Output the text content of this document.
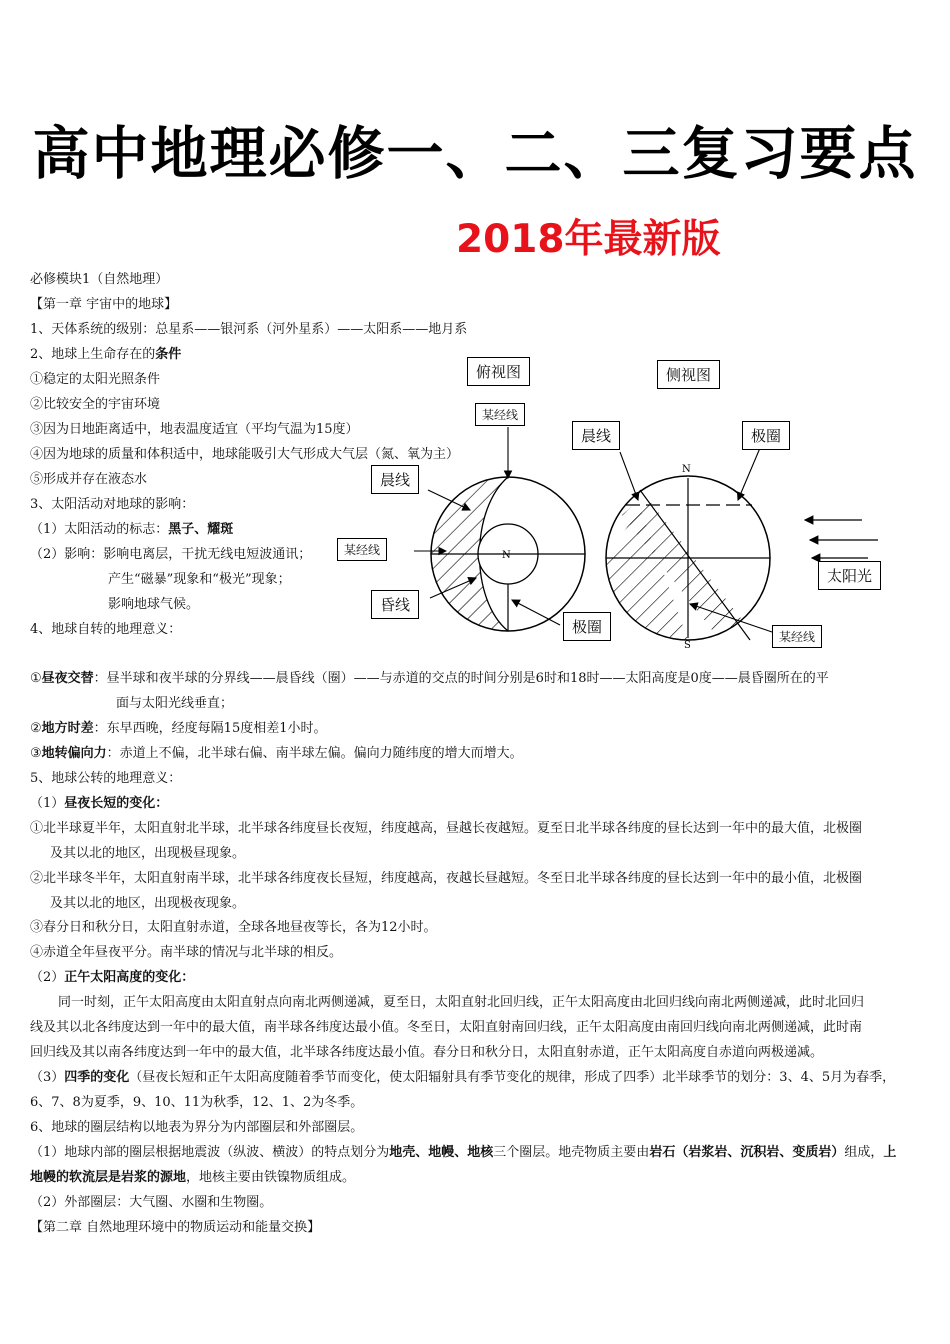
高中地理必修一、二、三复习要点
2018年最新版
必修模块1（自然地理）
【第一章 宇宙中的地球】
1、天体系统的级别：总星系——银河系（河外星系）——太阳系——地月系
2、地球上生命存在的条件
①稳定的太阳光照条件
②比较安全的宇宙环境
③因为日地距离适中，地表温度适宜（平均气温为15度）
④因为地球的质量和体积适中，地球能吸引大气形成大气层（氮、氧为主）
⑤形成并存在液态水
3、太阳活动对地球的影响：
（1）太阳活动的标志：黑子、耀斑
（2）影响：影响电离层，干扰无线电短波通讯；
产生“磁暴”现象和“极光”现象；
影响地球气候。
4、地球自转的地理意义：
N
N
S
俯视图	侧视图
某经线
晨线	极圈
晨线
某经线
昏线
极圈
太阳光
某经线
①昼夜交替：昼半球和夜半球的分界线——晨昏线（圈）——与赤道的交点的时间分别是6时和18时——太阳高度是0度——晨昏圈所在的平
面与太阳光线垂直；
②地方时差：东早西晚，经度每隔15度相差1小时。
③地转偏向力：赤道上不偏，北半球右偏、南半球左偏。偏向力随纬度的增大而增大。
5、地球公转的地理意义：
（1）昼夜长短的变化：
①北半球夏半年，太阳直射北半球，北半球各纬度昼长夜短，纬度越高，昼越长夜越短。夏至日北半球各纬度的昼长达到一年中的最大值，北极圈
及其以北的地区，出现极昼现象。
②北半球冬半年，太阳直射南半球，北半球各纬度夜长昼短，纬度越高，夜越长昼越短。冬至日北半球各纬度的昼长达到一年中的最小值，北极圈
及其以北的地区，出现极夜现象。
③春分日和秋分日，太阳直射赤道，全球各地昼夜等长，各为12小时。
④赤道全年昼夜平分。南半球的情况与北半球的相反。
（2）正午太阳高度的变化：
同一时刻，正午太阳高度由太阳直射点向南北两侧递减，夏至日，太阳直射北回归线，正午太阳高度由北回归线向南北两侧递减，此时北回归
线及其以北各纬度达到一年中的最大值，南半球各纬度达最小值。冬至日，太阳直射南回归线，正午太阳高度由南回归线向南北两侧递减，此时南
回归线及其以南各纬度达到一年中的最大值，北半球各纬度达最小值。春分日和秋分日，太阳直射赤道，正午太阳高度自赤道向两极递减。
（3）四季的变化（昼夜长短和正午太阳高度随着季节而变化，使太阳辐射具有季节变化的规律，形成了四季）北半球季节的划分：3、4、5月为春季，
6、7、8为夏季，9、10、11为秋季，12、1、2为冬季。
6、地球的圈层结构以地表为界分为内部圈层和外部圈层。
（1）地球内部的圈层根据地震波（纵波、横波）的特点划分为地壳、地幔、地核三个圈层。地壳物质主要由岩石（岩浆岩、沉积岩、变质岩）组成，上
地幔的软流层是岩浆的源地，地核主要由铁镍物质组成。
（2）外部圈层：大气圈、水圈和生物圈。
【第二章 自然地理环境中的物质运动和能量交换】
